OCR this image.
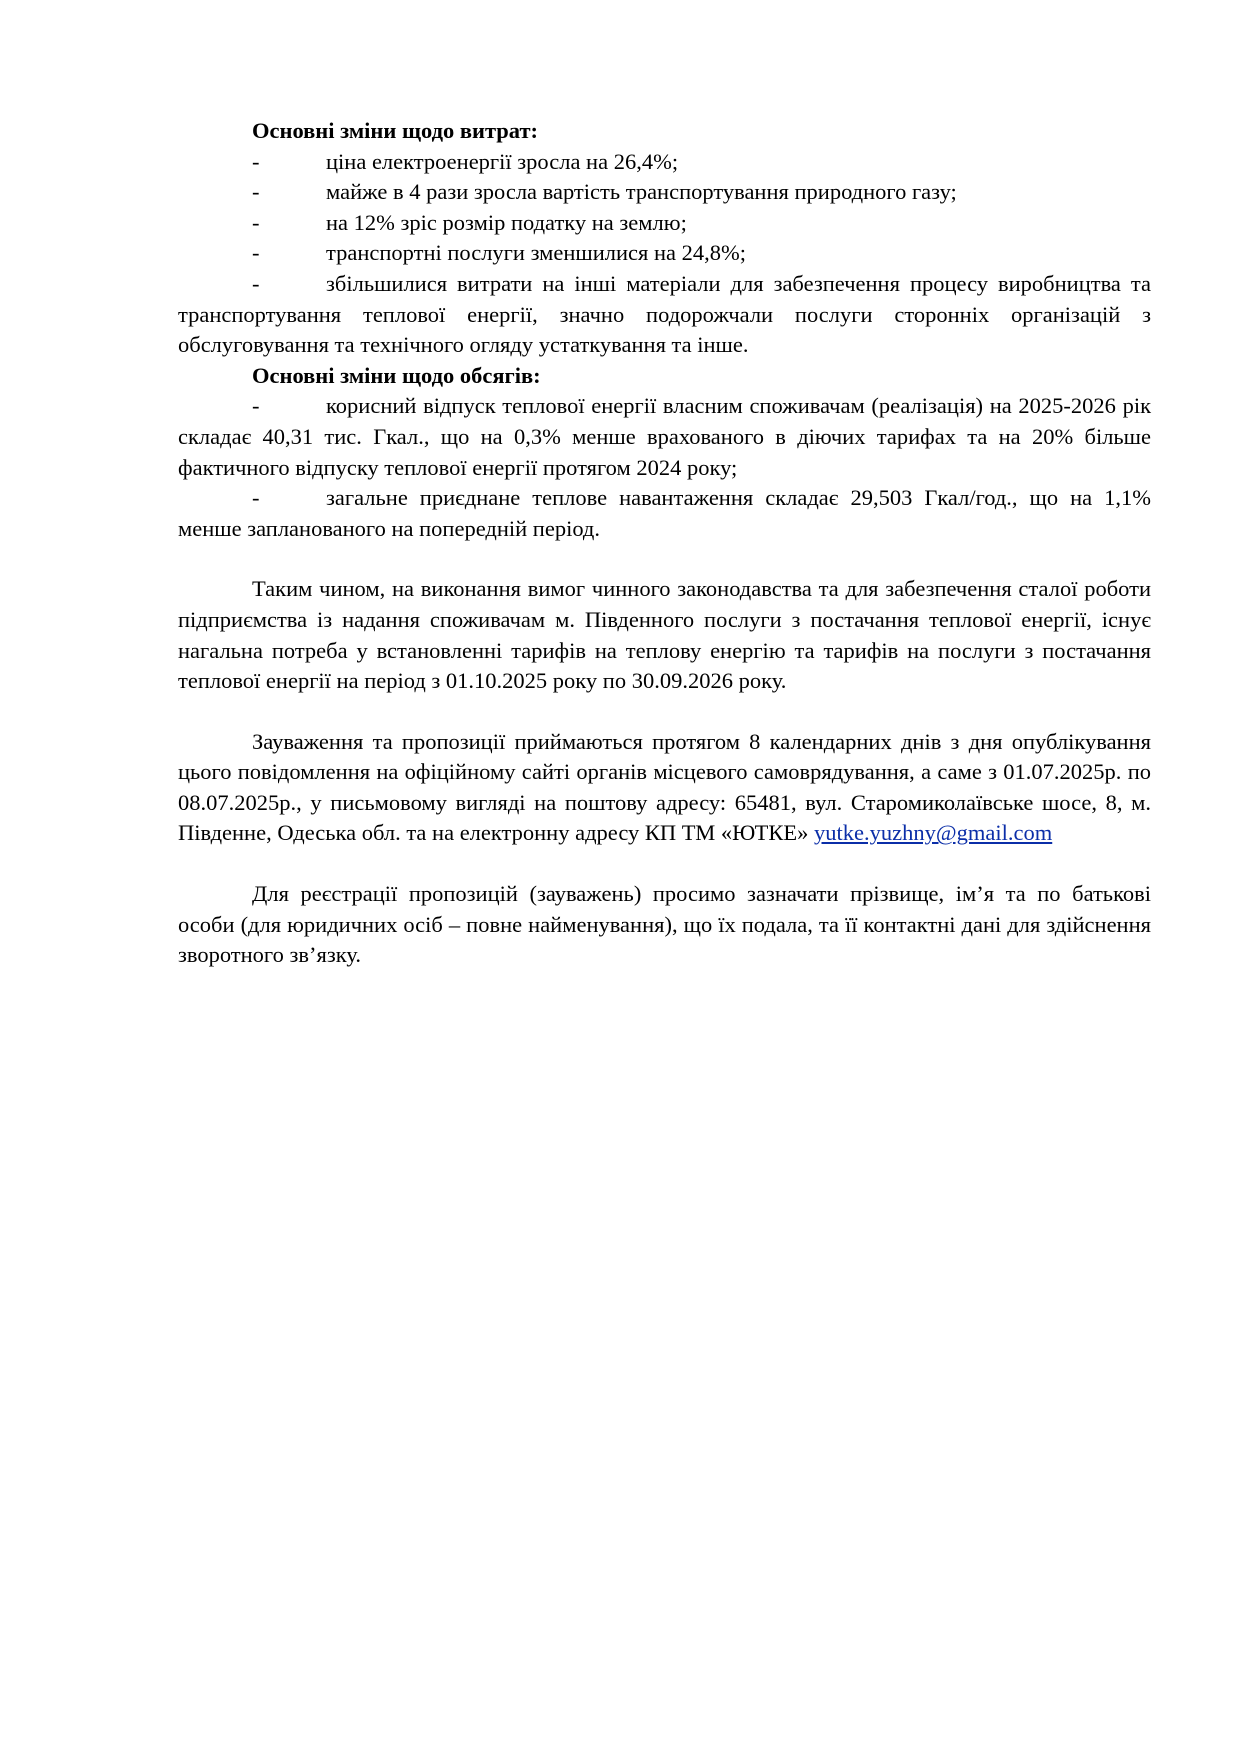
Основні зміни щодо витрат:

-	ціна електроенергії зросла на 26,4%;

-	майже в 4 рази зросла вартість транспортування природного газу;

-	на 12% зріс розмір податку на землю;

-	транспортні послуги зменшилися на 24,8%;

-	збільшилися витрати на інші матеріали для забезпечення процесу виробництва та транспортування теплової енергії, значно подорожчали послуги сторонніх організацій з обслуговування та технічного огляду устаткування та інше.

Основні зміни щодо обсягів:

-	корисний відпуск теплової енергії власним споживачам (реалізація) на 2025-2026 рік складає 40,31 тис. Гкал., що на 0,3% менше врахованого в діючих тарифах та на 20% більше фактичного відпуску теплової енергії протягом 2024 року;

-	загальне приєднане теплове навантаження складає 29,503 Гкал/год., що на 1,1% менше запланованого на попередній період.

Таким чином, на виконання вимог чинного законодавства та для забезпечення сталої роботи підприємства із надання споживачам м. Південного послуги з постачання теплової енергії, існує нагальна потреба у встановленні тарифів на теплову енергію та тарифів на послуги з постачання теплової енергії на період з 01.10.2025 року по 30.09.2026 року.

Зауваження та пропозиції приймаються протягом 8 календарних днів з дня опублікування цього повідомлення на офіційному сайті органів місцевого самоврядування, а саме з 01.07.2025р. по 08.07.2025р., у письмовому вигляді на поштову адресу: 65481, вул. Старомиколаївське шосе, 8, м. Південне, Одеська обл. та на електронну адресу КП ТМ «ЮТКЕ» yutke.yuzhny@gmail.com

Для реєстрації пропозицій (зауважень) просимо зазначати прізвище, ім’я та по батькові особи (для юридичних осіб – повне найменування), що їх подала, та її контактні дані для здійснення зворотного зв’язку.
